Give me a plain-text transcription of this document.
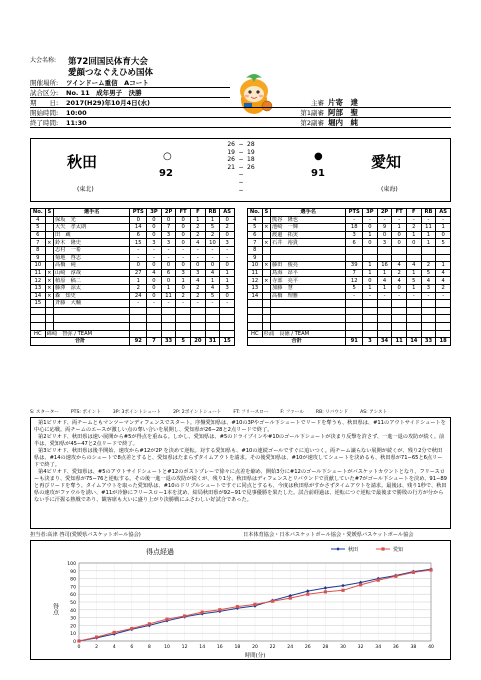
大会名称: 第72回国民体育大会
愛顔つなぐえひめ国体
開催場所: ツインドーム重信　Aコート
試合区分: No. 11　成年男子　決勝
期　　日: 2017(H29)年10月4日(水)
開始時間: 10:00
終了時間: 11:30
主審 片寄　達
第1副審 阿部　聖
第2副審 堀内　純
秋田
(東北)
○
92
26 − 28
19 − 19
26 − 18
21 − 26
−
−
−
●
91
愛知
(東海)
No.	S	選手名	PTS	3P	2P	FT	F	RB	AS
4		保坂　光	0	0	0	0	1	1	0
5		大矢　孝太朗	14	0	7	0	2	5	2
6		田　蔵	6	0	3	0	2	2	0
7	×	鈴木　隆史	15	3	3	0	4	10	3
8		志村　一希	-	-	-	-	-	-	-
9		菊地　啓志	-	-	-	-	-	-	-
10		高橋　純	0	0	0	0	0	0	0
11	×	山崎　淳哉	27	4	6	3	3	4	1
12	×	植原　稿二	1	0	0	1	4	1	1
13	×	藤澤　涼太	2	0	1	0	2	4	3
14	×	森　知史	24	0	11	2	2	5	0
15		斉藤　大輔	-	-	-	-	-	-	-

HC	綿崎　智弥 / TEAM								
合計			92	7	33	5	20	31	15
No.	S	選手名	PTS	3P	2P	FT	F	RB	AS
4		熊谷　隆也	-	-	-	-	-	-	-
5	×	池崎　一輝	18	0	9	1	2	11	1
6		渡邊　拓実	3	1	0	0	1	1	0
7	×	石井　裕貴	6	0	3	0	0	1	5
8									
9									
10	×	藤田　俊亮	39	1	16	4	4	2	1
11		鳥海　昂平	7	1	1	2	1	5	4
12	×	寺部　亮平	12	0	4	4	5	4	4
13		加藤　慧	5	1	1	0	1	3	2
14		高橋　理雅	-	-	-	-	-	-	-

HC	杉浦　良徳 / TEAM								
合計			91	3	34	11	14	33	18
S: スターター	PTS: ポイント	3P: 3ポイントシュート	2P: 2ポイントシュート	FT: フリースロー	F: ファール	RB: リバウンド	AS: アシスト

第1ピリオド、両チームともマンツーマンディフェンスでスタート。序盤愛知県は、#10の3Pやゴール下シュートでリードを奪うも、秋田県は、#11のアウトサイドシュートを中心に応戦。両チームのエースが激しい点の奪い合いを展開し、愛知県が26−28と2点リードで終了。

第2ピリオド、秋田県は速い展開から#5が得点を重ねる。しかし、愛知県は、#5のドライブインや#10のゴール下シュートが決まり反撃を許さず、一進一退の攻防が続く。前半は、愛知県が45−47と2点リードで終了。

第3ピリオド、秋田県は後半開始、速攻から#12が2P を決めて逆転。対する愛知県も、#10の連続ゴールですぐに追いつく。両チーム譲らない展開が続くが、残り2分で秋田県は、#14の速攻からのシュートで8点差とすると、愛知県はたまらずタイムアウトを請求。その後愛知県は、#10が速攻してシュートを決めるも、秋田県が71−65と6点リードで終了。

第4ピリオド、愛知県は、#5のアウトサイドシュートと#12のポストプレーで徐々に点差を縮め、開始3分に#12のゴール下シュートがバスケットカウントとなり、フリースローも決まり、愛知県が75−76と逆転する。その後一進一退の攻防が続くが、残り1分、秋田県はディフェンスとリバウンドで貢献していた#7がゴール下シュートを決め、91−89と再びリードを奪う。タイムアウトを取った愛知県は、#10のドリブルシュートですぐに同点とするも、今度は秋田県がすかさずタイムアウトを請求。最後は、残り1秒で、秋田県の速攻がファウルを誘い、#11が冷静にフリースロー1本を沈め、結局秋田県が92−91で見事優勝を果たした。試合前経過は、逆転につぐ逆転で最後まで勝敗の行方が分からない手に汗握る熱戦であり、観客席も大いに盛り上がり決勝戦にふさわしい好試合であった。

担当者:高津 啓司(愛媛県バスケットボール協会)	日本体育協会・日本バスケットボール協会・愛媛県バスケットボール協会
得点経過
0
10
20
30
40
50
60
70
80
90
100
0	2	4	6	8	10	12	14	16	18	20	22	24	26	28	30	32	34	36	38	40
得点
時間(分)
秋田	愛知
